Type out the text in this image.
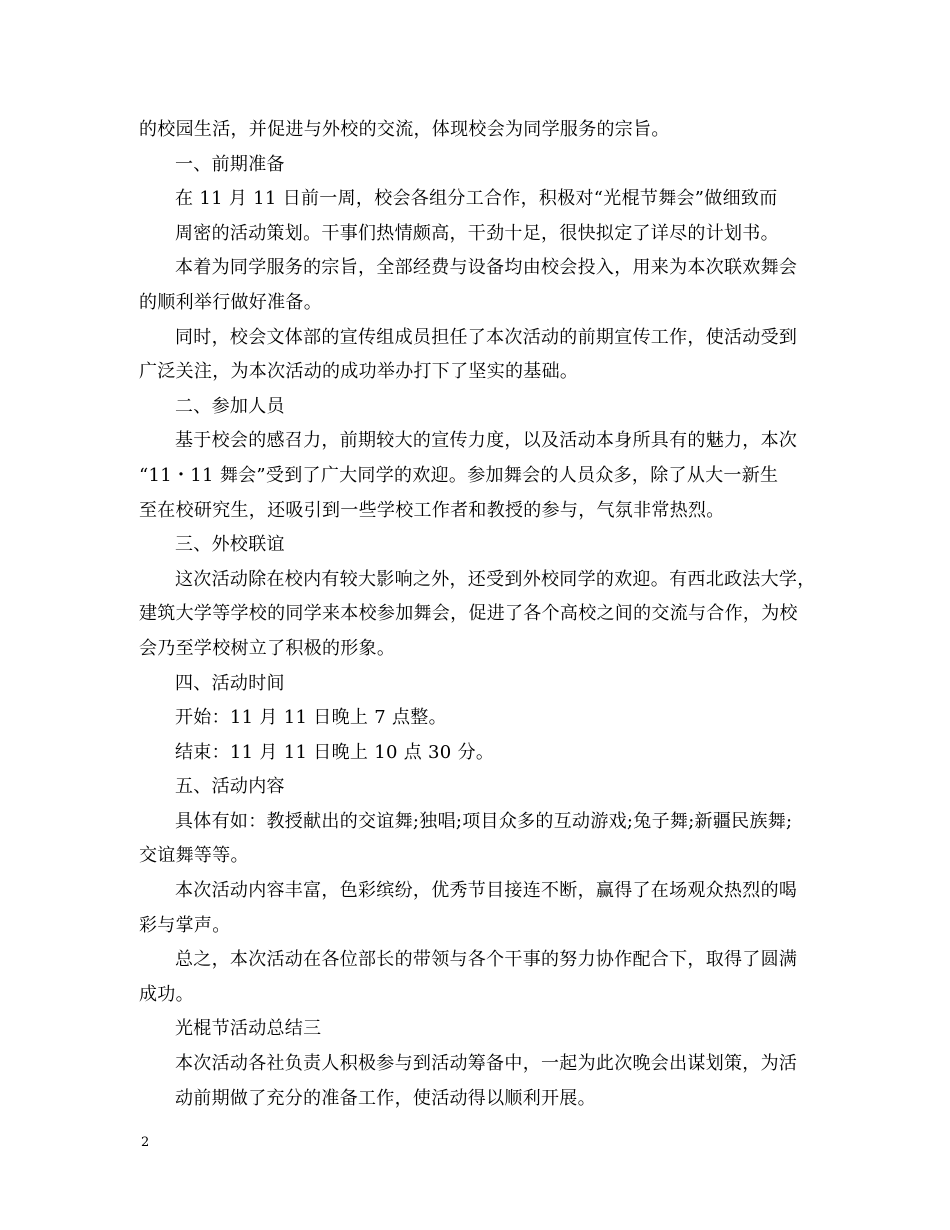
的校园生活，并促进与外校的交流，体现校会为同学服务的宗旨。
一、前期准备
在 11 月 11 日前一周，校会各组分工合作，积极对“光棍节舞会”做细致而
周密的活动策划。干事们热情颇高，干劲十足，很快拟定了详尽的计划书。
本着为同学服务的宗旨，全部经费与设备均由校会投入，用来为本次联欢舞会
的顺利举行做好准备。
同时，校会文体部的宣传组成员担任了本次活动的前期宣传工作，使活动受到
广泛关注，为本次活动的成功举办打下了坚实的基础。
二、参加人员
基于校会的感召力，前期较大的宣传力度，以及活动本身所具有的魅力，本次
“11・11 舞会”受到了广大同学的欢迎。参加舞会的人员众多，除了从大一新生
至在校研究生，还吸引到一些学校工作者和教授的参与，气氛非常热烈。
三、外校联谊
这次活动除在校内有较大影响之外，还受到外校同学的欢迎。有西北政法大学，
建筑大学等学校的同学来本校参加舞会，促进了各个高校之间的交流与合作，为校
会乃至学校树立了积极的形象。
四、活动时间
开始：11 月 11 日晚上 7 点整。
结束：11 月 11 日晚上 10 点 30 分。
五、活动内容
具体有如：教授献出的交谊舞;独唱;项目众多的互动游戏;兔子舞;新疆民族舞;
交谊舞等等。
本次活动内容丰富，色彩缤纷，优秀节目接连不断，赢得了在场观众热烈的喝
彩与掌声。
总之，本次活动在各位部长的带领与各个干事的努力协作配合下，取得了圆满
成功。
光棍节活动总结三
本次活动各社负责人积极参与到活动筹备中，一起为此次晚会出谋划策，为活
动前期做了充分的准备工作，使活动得以顺利开展。
2
